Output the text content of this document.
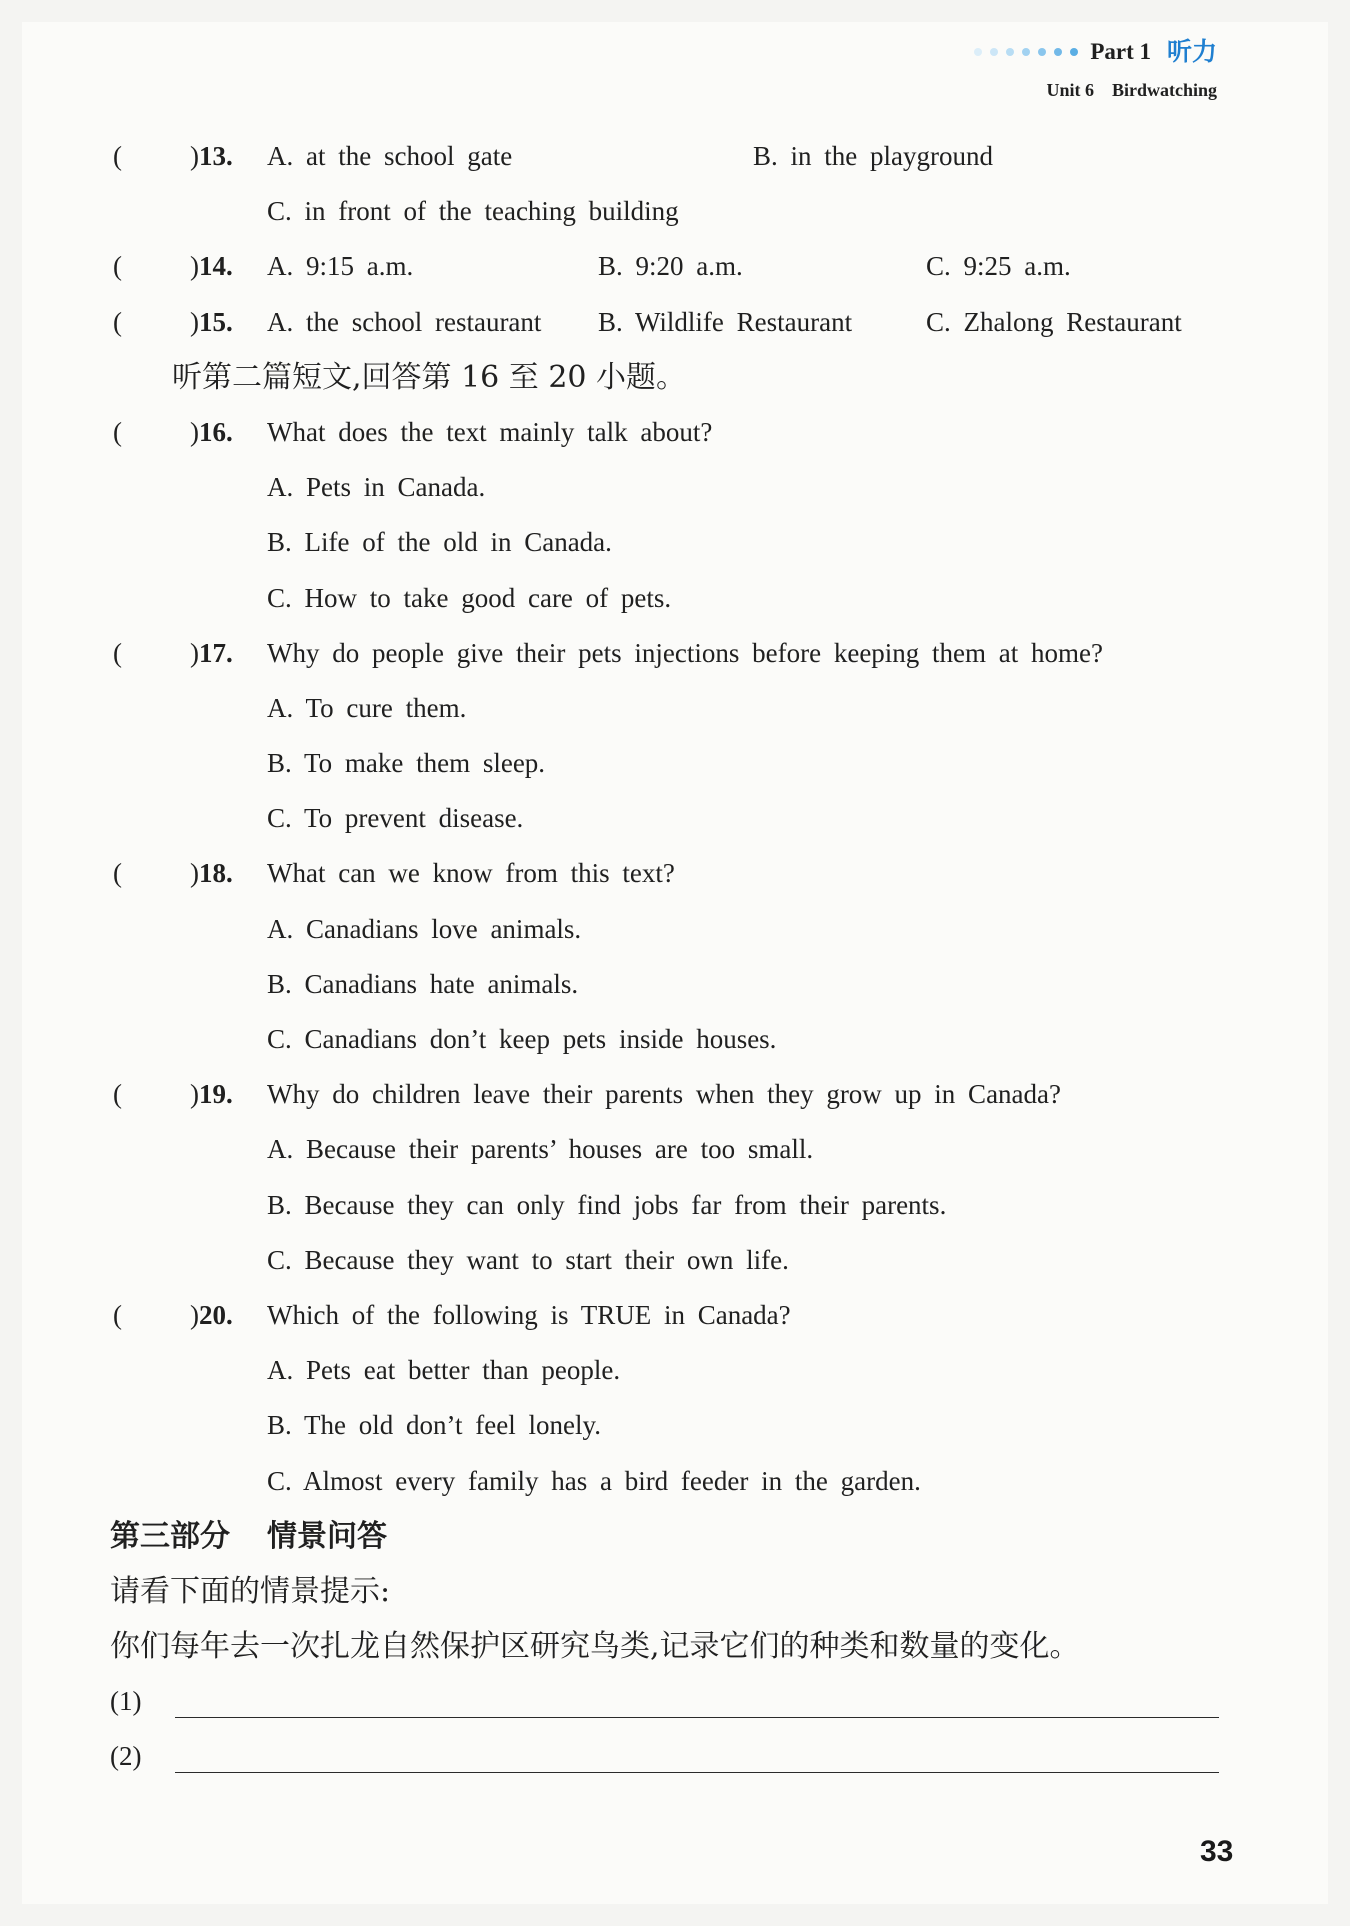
Part 1 听力
Unit 6 Birdwatching
(	)13. A. at the school gate	B. in the playground
C. in front of the teaching building
(	)14. A. 9:15 a.m.	B. 9:20 a.m.	C. 9:25 a.m.
(	)15. A. the school restaurant B. Wildlife Restaurant	C. Zhalong Restaurant
听第二篇短文,回答第 16 至 20 小题。
(	)16. What does the text mainly talk about?
A. Pets in Canada.
B. Life of the old in Canada.
C. How to take good care of pets.
(	)17. Why do people give their pets injections before keeping them at home?
A. To cure them.
B. To make them sleep.
C. To prevent disease.
(	)18. What can we know from this text?
A. Canadians love animals.
B. Canadians hate animals.
C. Canadians don’t keep pets inside houses.
(	)19. Why do children leave their parents when they grow up in Canada?
A. Because their parents’ houses are too small.
B. Because they can only find jobs far from their parents.
C. Because they want to start their own life.
(	)20. Which of the following is TRUE in Canada?
A. Pets eat better than people.
B. The old don’t feel lonely.
C. Almost every family has a bird feeder in the garden.
第三部分 情景问答
请看下面的情景提示:
你们每年去一次扎龙自然保护区研究鸟类,记录它们的种类和数量的变化。
(1)
(2)
33
